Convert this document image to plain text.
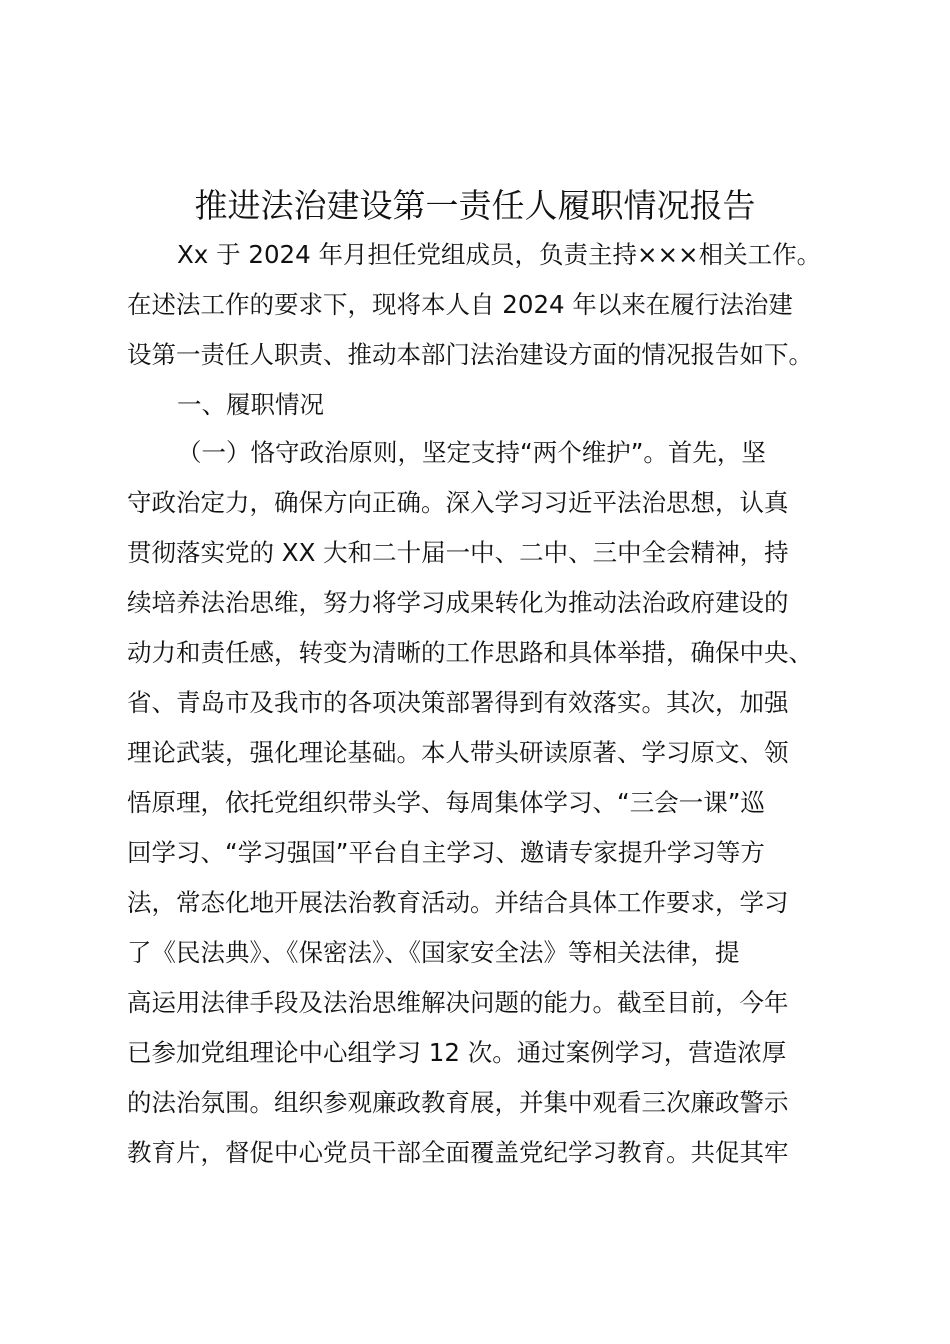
推进法治建设第一责任人履职情况报告

Xx 于 2024 年月担任党组成员，负责主持×××相关工作。

在述法工作的要求下，现将本人自 2024 年以来在履行法治建

设第一责任人职责、推动本部门法治建设方面的情况报告如下。

一、履职情况

（一）恪守政治原则，坚定支持“两个维护”。首先，坚

守政治定力，确保方向正确。深入学习习近平法治思想，认真

贯彻落实党的 XX 大和二十届一中、二中、三中全会精神，持

续培养法治思维，努力将学习成果转化为推动法治政府建设的

动力和责任感，转变为清晰的工作思路和具体举措，确保中央、

省、青岛市及我市的各项决策部署得到有效落实。其次，加强

理论武装，强化理论基础。本人带头研读原著、学习原文、领

悟原理，依托党组织带头学、每周集体学习、“三会一课”巡

回学习、“学习强国”平台自主学习、邀请专家提升学习等方

法，常态化地开展法治教育活动。并结合具体工作要求，学习

了《民法典》、《保密法》、《国家安全法》等相关法律，提

高运用法律手段及法治思维解决问题的能力。截至目前，今年

已参加党组理论中心组学习 12 次。通过案例学习，营造浓厚

的法治氛围。组织参观廉政教育展，并集中观看三次廉政警示

教育片，督促中心党员干部全面覆盖党纪学习教育。共促其牢
